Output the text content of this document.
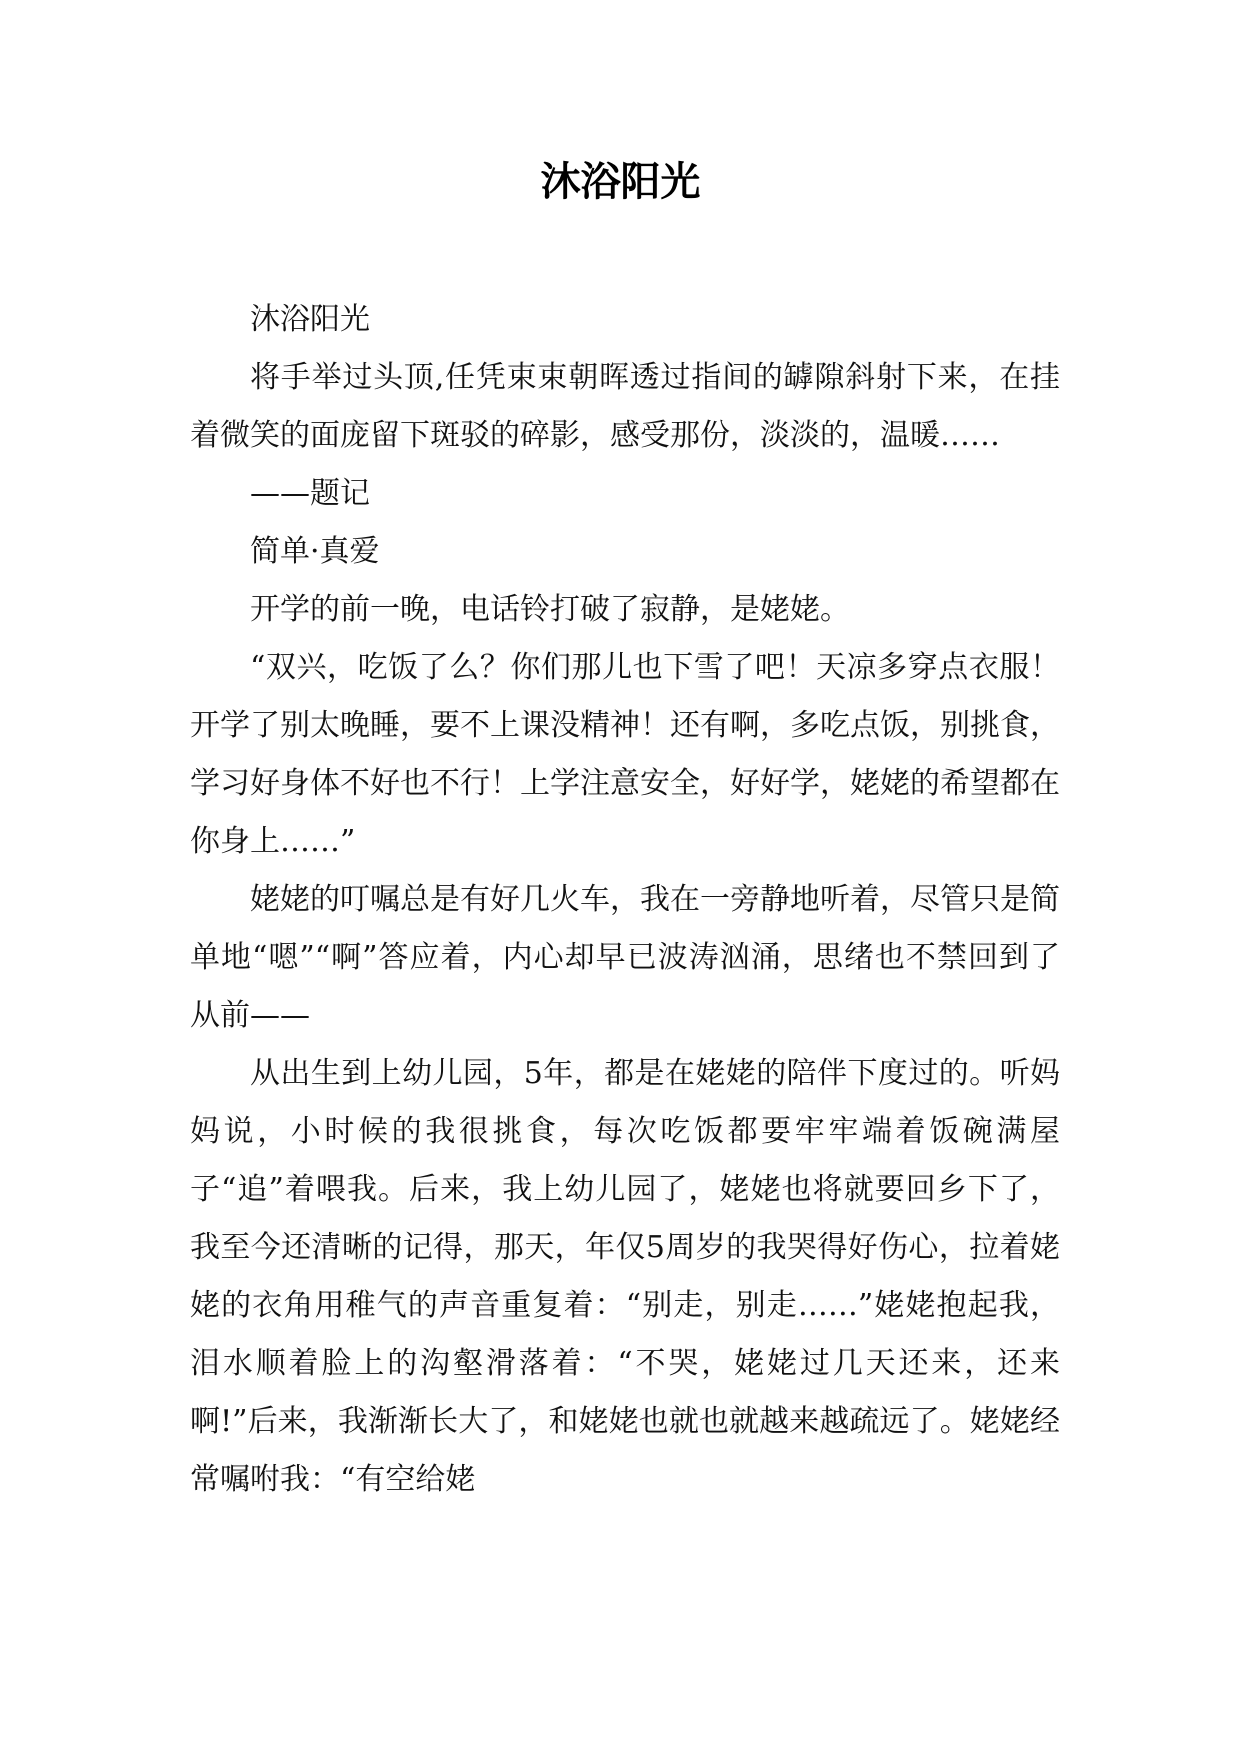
沐浴阳光

沐浴阳光

将手举过头顶,任凭束束朝晖透过指间的罅隙斜射下来，在挂着微笑的面庞留下斑驳的碎影，感受那份，淡淡的，温暖……

——题记

简单·真爱

开学的前一晚，电话铃打破了寂静，是姥姥。

“双兴，吃饭了么？你们那儿也下雪了吧！天凉多穿点衣服！开学了别太晚睡，要不上课没精神！还有啊，多吃点饭，别挑食，学习好身体不好也不行！上学注意安全，好好学，姥姥的希望都在你身上……”

姥姥的叮嘱总是有好几火车，我在一旁静地听着，尽管只是简单地“嗯”“啊”答应着，内心却早已波涛汹涌，思绪也不禁回到了从前——

从出生到上幼儿园，5年，都是在姥姥的陪伴下度过的。听妈妈说，小时候的我很挑食，每次吃饭都要牢牢端着饭碗满屋子“追”着喂我。后来，我上幼儿园了，姥姥也将就要回乡下了，我至今还清晰的记得，那天，年仅5周岁的我哭得好伤心，拉着姥姥的衣角用稚气的声音重复着：“别走，别走……”姥姥抱起我，泪水顺着脸上的沟壑滑落着：“不哭，姥姥过几天还来，还来啊!”后来，我渐渐长大了，和姥姥也就也就越来越疏远了。姥姥经常嘱咐我：“有空给姥
